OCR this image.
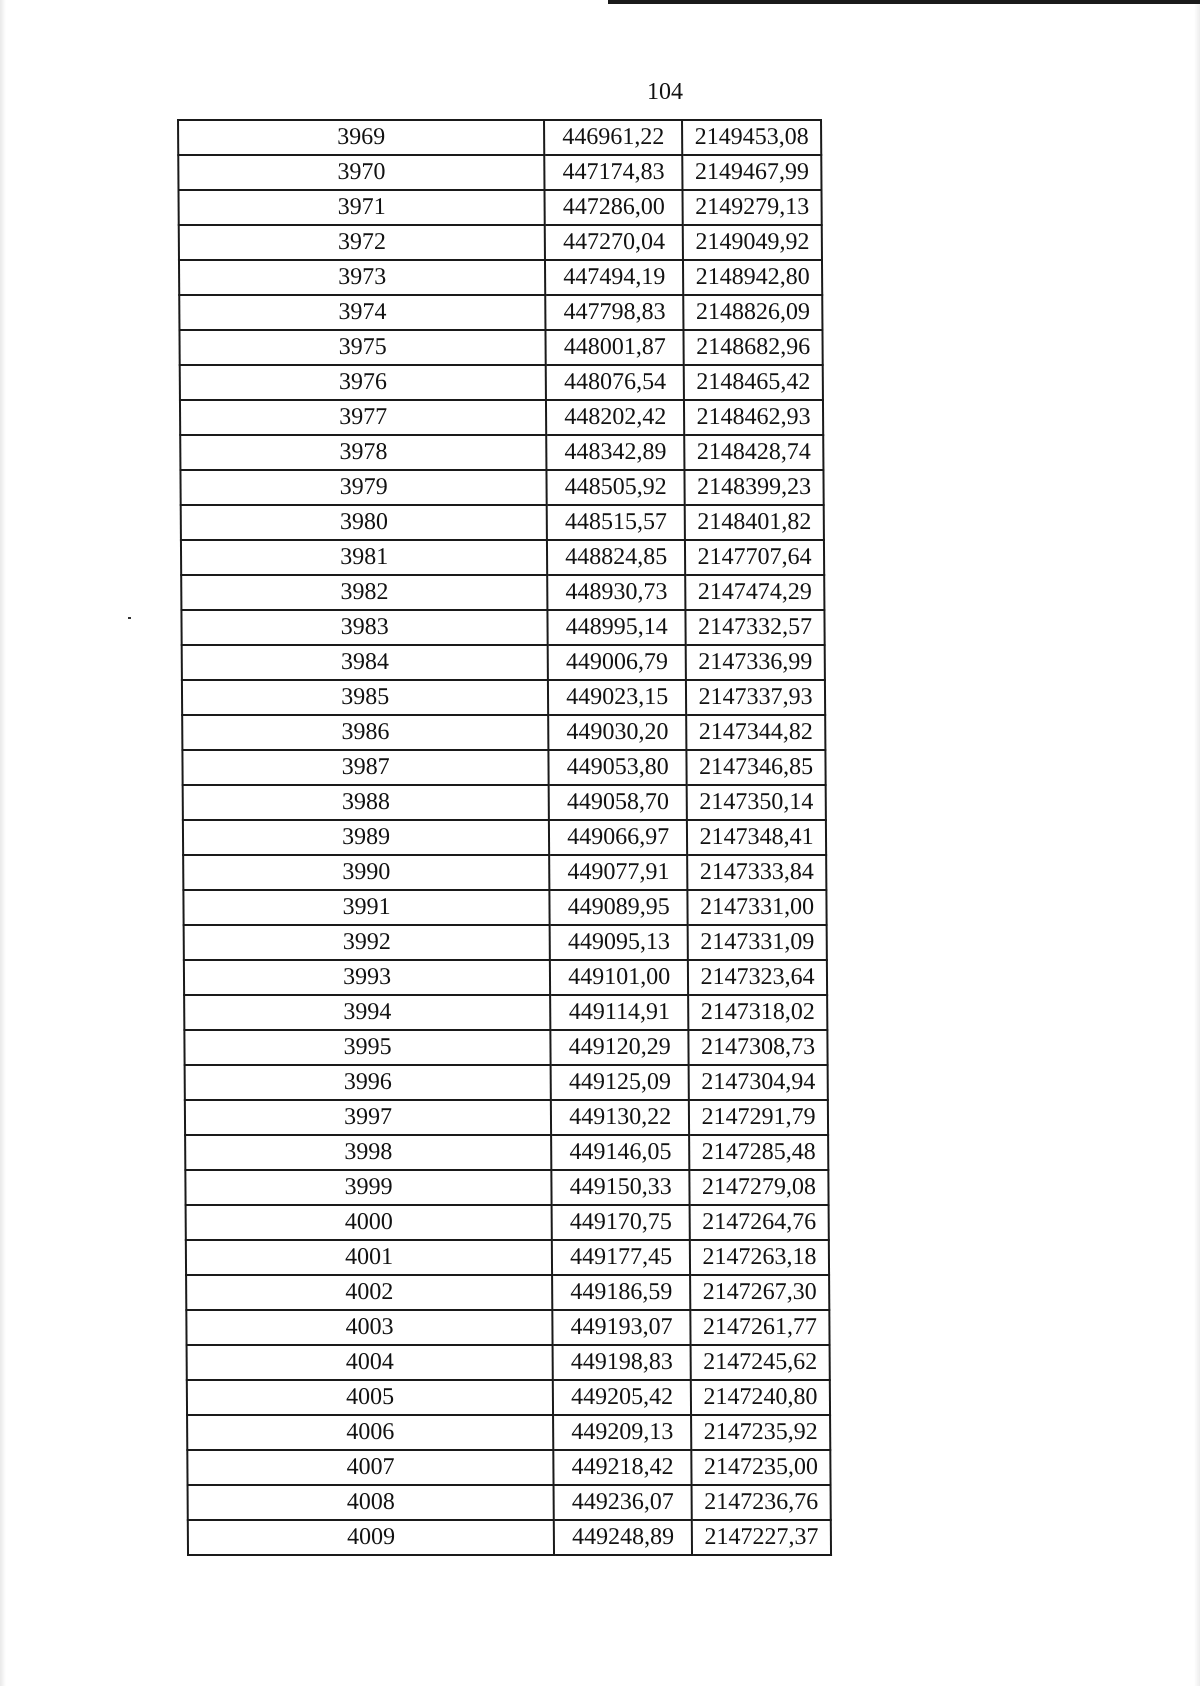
104
3969	446961,22	2149453,08
3970	447174,83	2149467,99
3971	447286,00	2149279,13
3972	447270,04	2149049,92
3973	447494,19	2148942,80
3974	447798,83	2148826,09
3975	448001,87	2148682,96
3976	448076,54	2148465,42
3977	448202,42	2148462,93
3978	448342,89	2148428,74
3979	448505,92	2148399,23
3980	448515,57	2148401,82
3981	448824,85	2147707,64
3982	448930,73	2147474,29
3983	448995,14	2147332,57
3984	449006,79	2147336,99
3985	449023,15	2147337,93
3986	449030,20	2147344,82
3987	449053,80	2147346,85
3988	449058,70	2147350,14
3989	449066,97	2147348,41
3990	449077,91	2147333,84
3991	449089,95	2147331,00
3992	449095,13	2147331,09
3993	449101,00	2147323,64
3994	449114,91	2147318,02
3995	449120,29	2147308,73
3996	449125,09	2147304,94
3997	449130,22	2147291,79
3998	449146,05	2147285,48
3999	449150,33	2147279,08
4000	449170,75	2147264,76
4001	449177,45	2147263,18
4002	449186,59	2147267,30
4003	449193,07	2147261,77
4004	449198,83	2147245,62
4005	449205,42	2147240,80
4006	449209,13	2147235,92
4007	449218,42	2147235,00
4008	449236,07	2147236,76
4009	449248,89	2147227,37
